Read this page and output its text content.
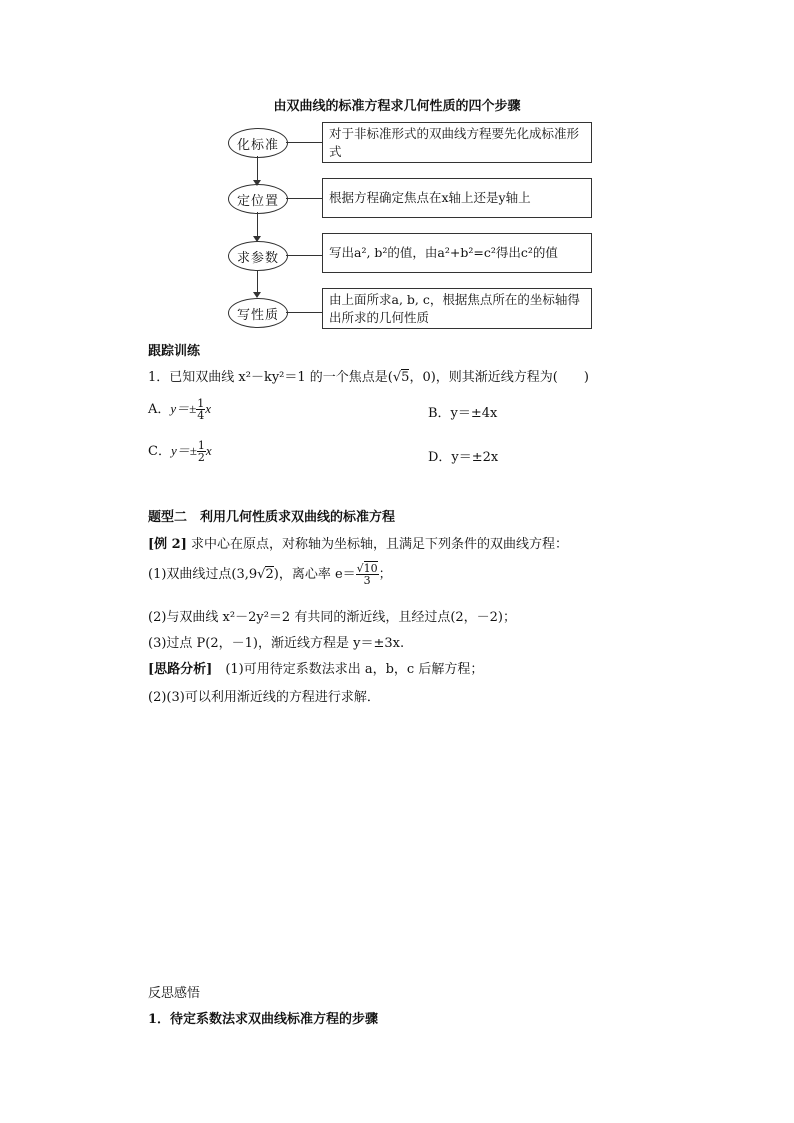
由双曲线的标准方程求几何性质的四个步骤
化标准
对于非标准形式的双曲线方程要先化成标准形式
定位置	根据方程确定焦点在x轴上还是y轴上
求参数	写出a², b²的值，由a²+b²=c²得出c²的值
写性质
由上面所求a, b, c，根据焦点所在的坐标轴得出所求的几何性质
跟踪训练
1．已知双曲线 x²－ky²＝1 的一个焦点是(√5，0)，则其渐近线方程为(　　)
A．$y=\pm \frac{1}{4}$ x	B．y＝±4x
C．$y=\pm \frac{1}{2}$ x	D．y＝±2x
题型二　利用几何性质求双曲线的标准方程
[例 2] 求中心在原点，对称轴为坐标轴，且满足下列条件的双曲线方程：
(1)双曲线过点(3,9√2)，离心率 $e= \frac{√10}{3}$ ；
(2)与双曲线 x²－2y²＝2 有共同的渐近线，且经过点(2，－2)；
(3)过点 P(2，－1)，渐近线方程是 y＝±3x.
[思路分析]　(1)可用待定系数法求出 a，b，c 后解方程；
(2)(3)可以利用渐近线的方程进行求解．
反思感悟
1．待定系数法求双曲线标准方程的步骤
